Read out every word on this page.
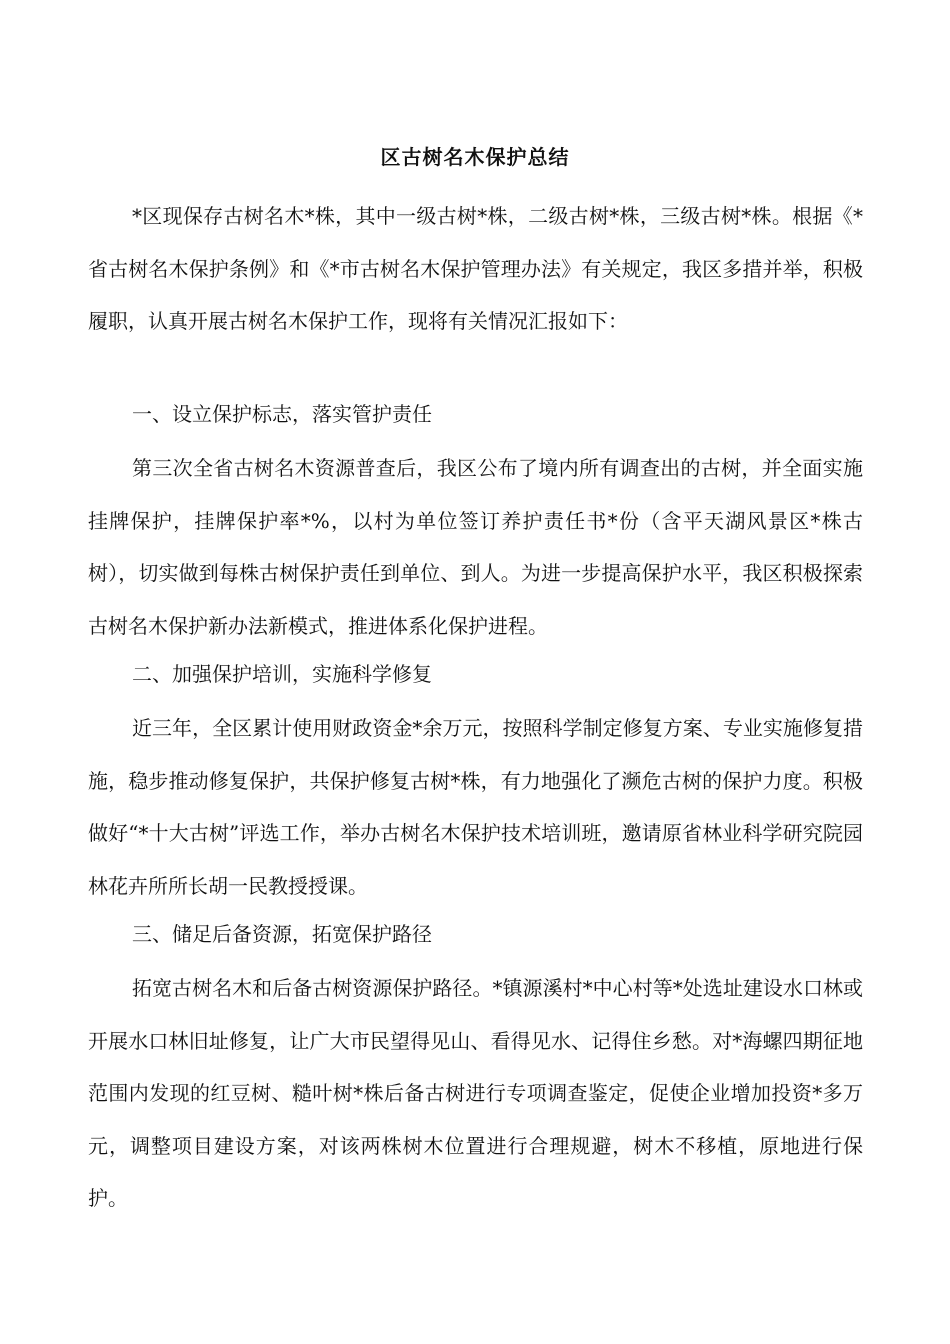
区古树名木保护总结

*区现保存古树名木*株，其中一级古树*株，二级古树*株，三级古树*株。根据《*省古树名木保护条例》和《*市古树名木保护管理办法》有关规定，我区多措并举，积极履职，认真开展古树名木保护工作，现将有关情况汇报如下：

一、设立保护标志，落实管护责任

第三次全省古树名木资源普查后，我区公布了境内所有调查出的古树，并全面实施挂牌保护，挂牌保护率*%，以村为单位签订养护责任书*份（含平天湖风景区*株古树），切实做到每株古树保护责任到单位、到人。为进一步提高保护水平，我区积极探索古树名木保护新办法新模式，推进体系化保护进程。

二、加强保护培训，实施科学修复

近三年，全区累计使用财政资金*余万元，按照科学制定修复方案、专业实施修复措施，稳步推动修复保护，共保护修复古树*株，有力地强化了濒危古树的保护力度。积极做好“*十大古树”评选工作，举办古树名木保护技术培训班，邀请原省林业科学研究院园林花卉所所长胡一民教授授课。

三、储足后备资源，拓宽保护路径

拓宽古树名木和后备古树资源保护路径。*镇源溪村*中心村等*处选址建设水口林或开展水口林旧址修复，让广大市民望得见山、看得见水、记得住乡愁。对*海螺四期征地范围内发现的红豆树、糙叶树*株后备古树进行专项调查鉴定，促使企业增加投资*多万元，调整项目建设方案，对该两株树木位置进行合理规避，树木不移植，原地进行保护。
